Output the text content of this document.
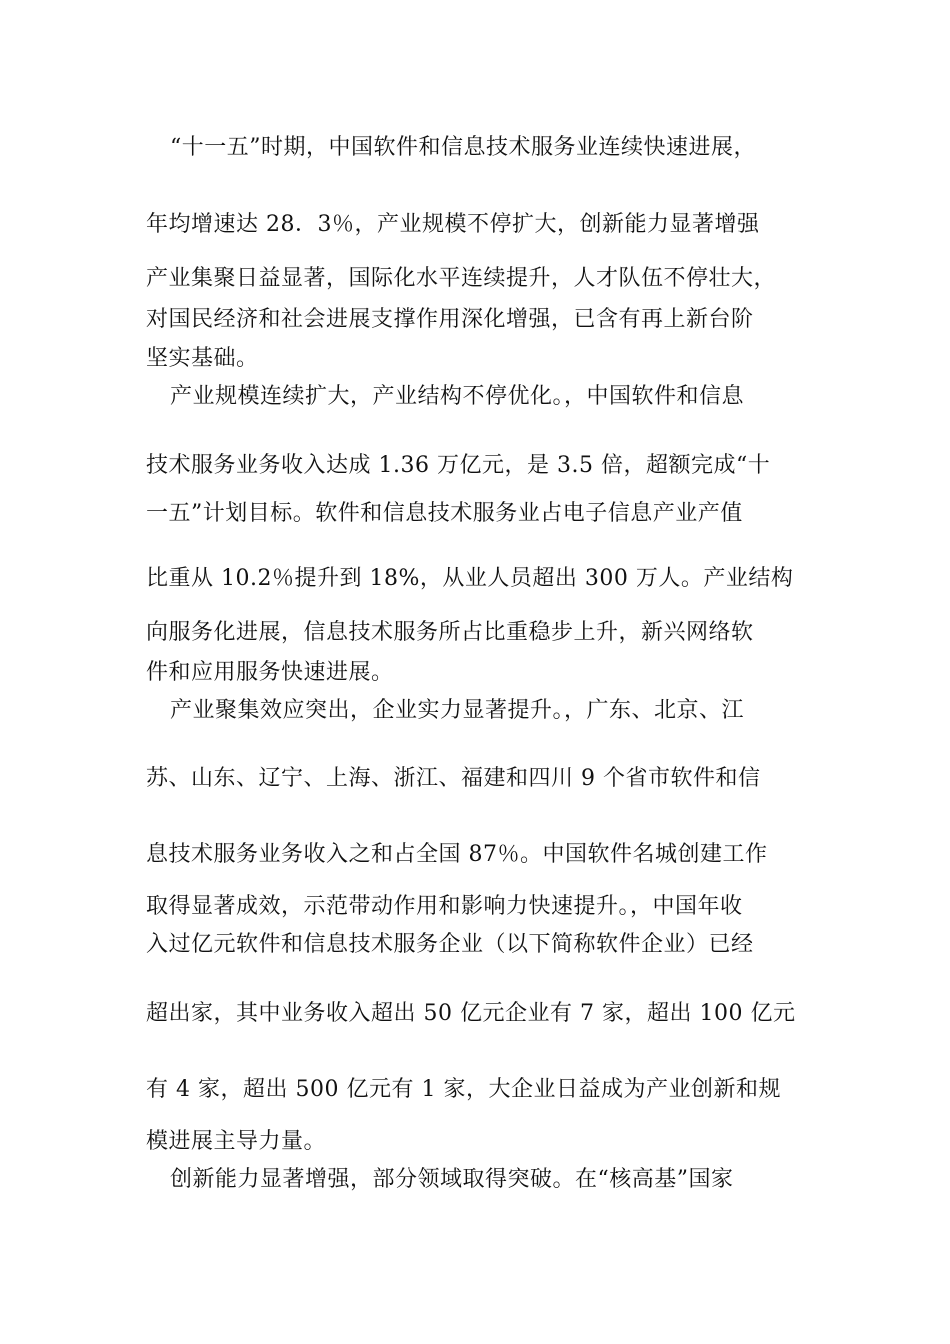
“十一五”时期，中国软件和信息技术服务业连续快速进展，
年均增速达 28．3％，产业规模不停扩大，创新能力显著增强
产业集聚日益显著，国际化水平连续提升，人才队伍不停壮大，
对国民经济和社会进展支撑作用深化增强，已含有再上新台阶
坚实基础。
产业规模连续扩大，产业结构不停优化。，中国软件和信息
技术服务业务收入达成 1.36 万亿元，是 3.5 倍，超额完成“十
一五”计划目标。软件和信息技术服务业占电子信息产业产值
比重从 10.2％提升到 18%，从业人员超出 300 万人。产业结构
向服务化进展，信息技术服务所占比重稳步上升，新兴网络软
件和应用服务快速进展。
产业聚集效应突出，企业实力显著提升。，广东、北京、江
苏、山东、辽宁、上海、浙江、福建和四川 9 个省市软件和信
息技术服务业务收入之和占全国 87％。中国软件名城创建工作
取得显著成效，示范带动作用和影响力快速提升。，中国年收
入过亿元软件和信息技术服务企业（以下简称软件企业）已经
超出家，其中业务收入超出 50 亿元企业有 7 家，超出 100 亿元
有 4 家，超出 500 亿元有 1 家，大企业日益成为产业创新和规
模进展主导力量。
创新能力显著增强，部分领域取得突破。在“核高基”国家
